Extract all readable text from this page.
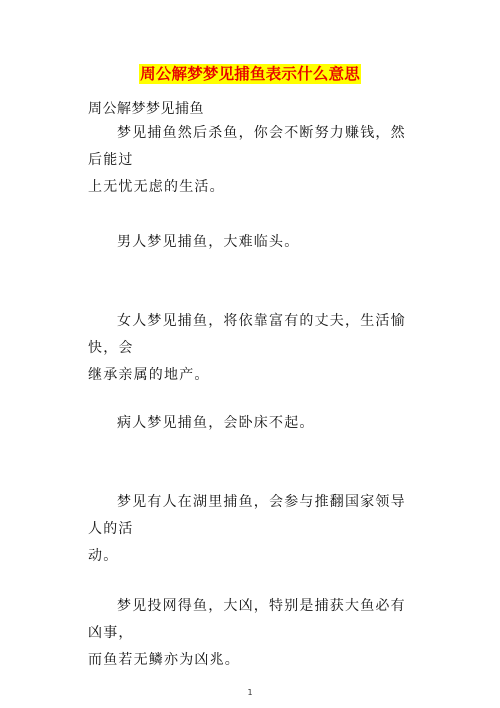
周公解梦梦见捕鱼表示什么意思
周公解梦梦见捕鱼

梦见捕鱼然后杀鱼，你会不断努力赚钱，然后能过
上无忧无虑的生活。

男人梦见捕鱼，大难临头。

女人梦见捕鱼，将依靠富有的丈夫，生活愉快，会
继承亲属的地产。

病人梦见捕鱼，会卧床不起。

梦见有人在湖里捕鱼，会参与推翻国家领导人的活
动。

梦见投网得鱼，大凶，特别是捕获大鱼必有凶事，
而鱼若无鳞亦为凶兆。

1
